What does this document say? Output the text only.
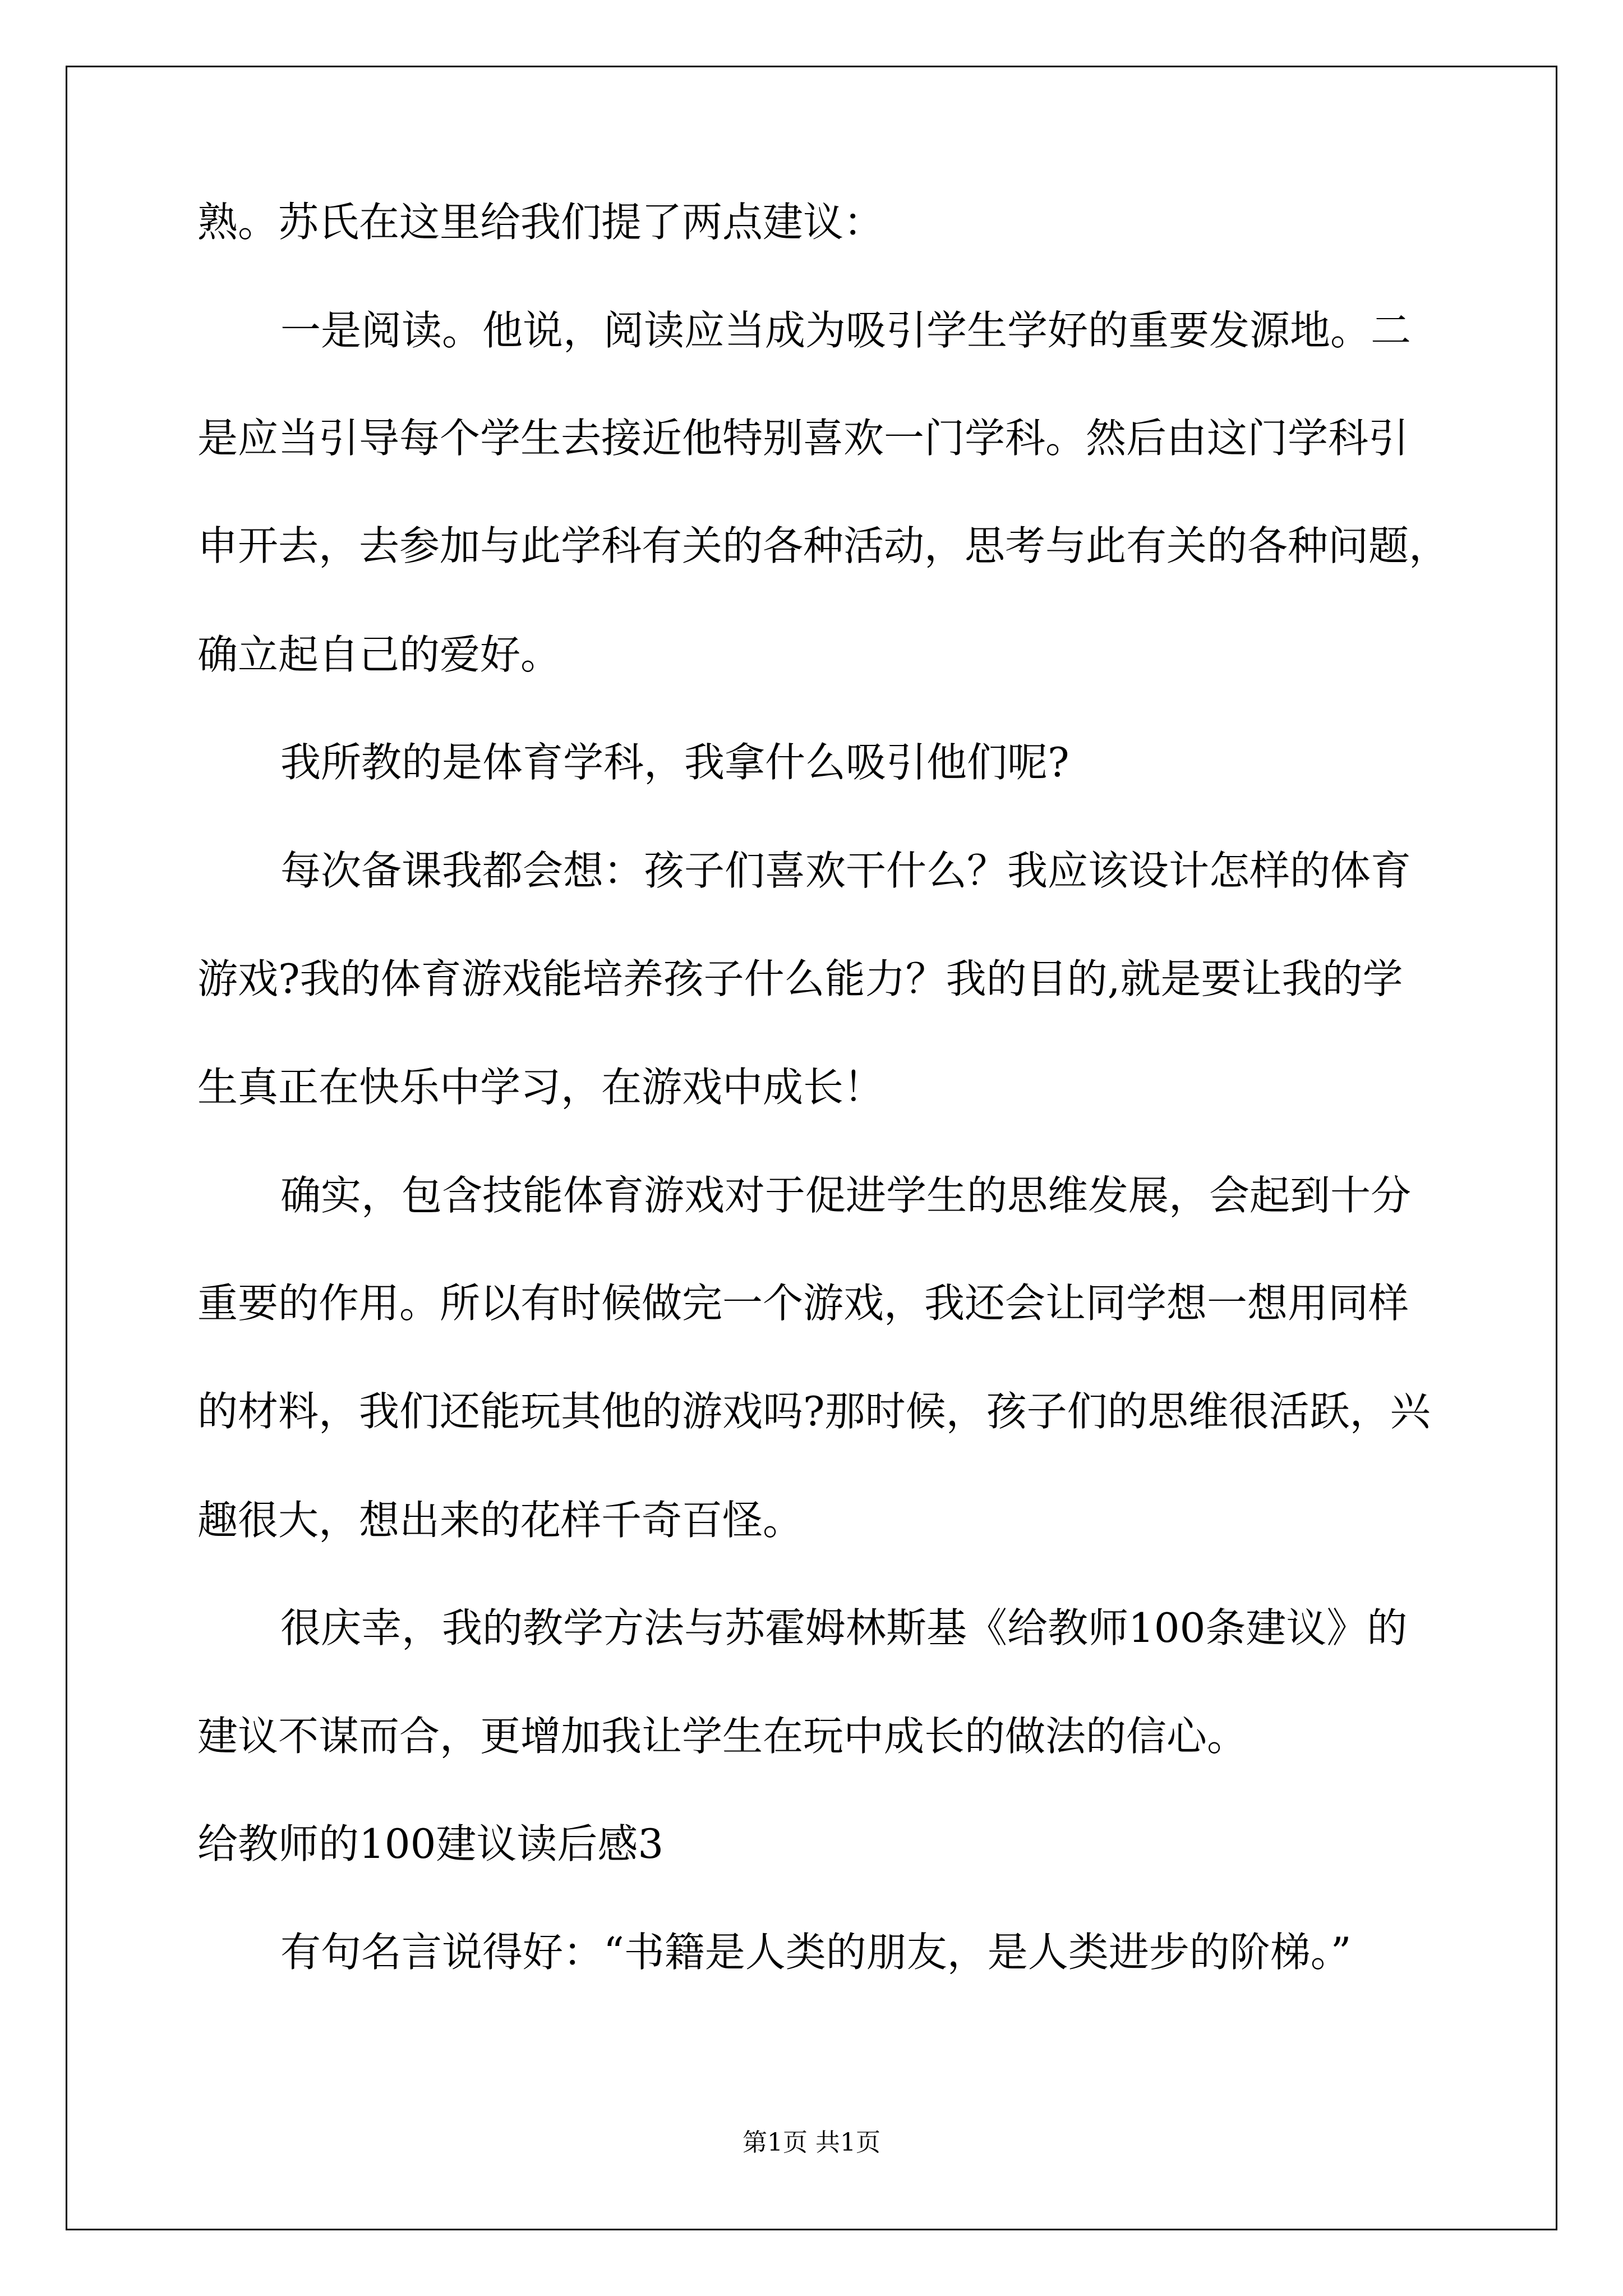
熟。苏氏在这里给我们提了两点建议：
一是阅读。他说，阅读应当成为吸引学生学好的重要发源地。二
是应当引导每个学生去接近他特别喜欢一门学科。然后由这门学科引
申开去，去参加与此学科有关的各种活动，思考与此有关的各种问题，
确立起自己的爱好。
我所教的是体育学科，我拿什么吸引他们呢?
每次备课我都会想：孩子们喜欢干什么？我应该设计怎样的体育
游戏?我的体育游戏能培养孩子什么能力？我的目的,就是要让我的学
生真正在快乐中学习，在游戏中成长！
确实，包含技能体育游戏对于促进学生的思维发展，会起到十分
重要的作用。所以有时候做完一个游戏，我还会让同学想一想用同样
的材料，我们还能玩其他的游戏吗?那时候，孩子们的思维很活跃，兴
趣很大，想出来的花样千奇百怪。
很庆幸，我的教学方法与苏霍姆林斯基《给教师100条建议》的
建议不谋而合，更增加我让学生在玩中成长的做法的信心。
给教师的100建议读后感3
有句名言说得好：“书籍是人类的朋友，是人类进步的阶梯。”
第1页 共1页
